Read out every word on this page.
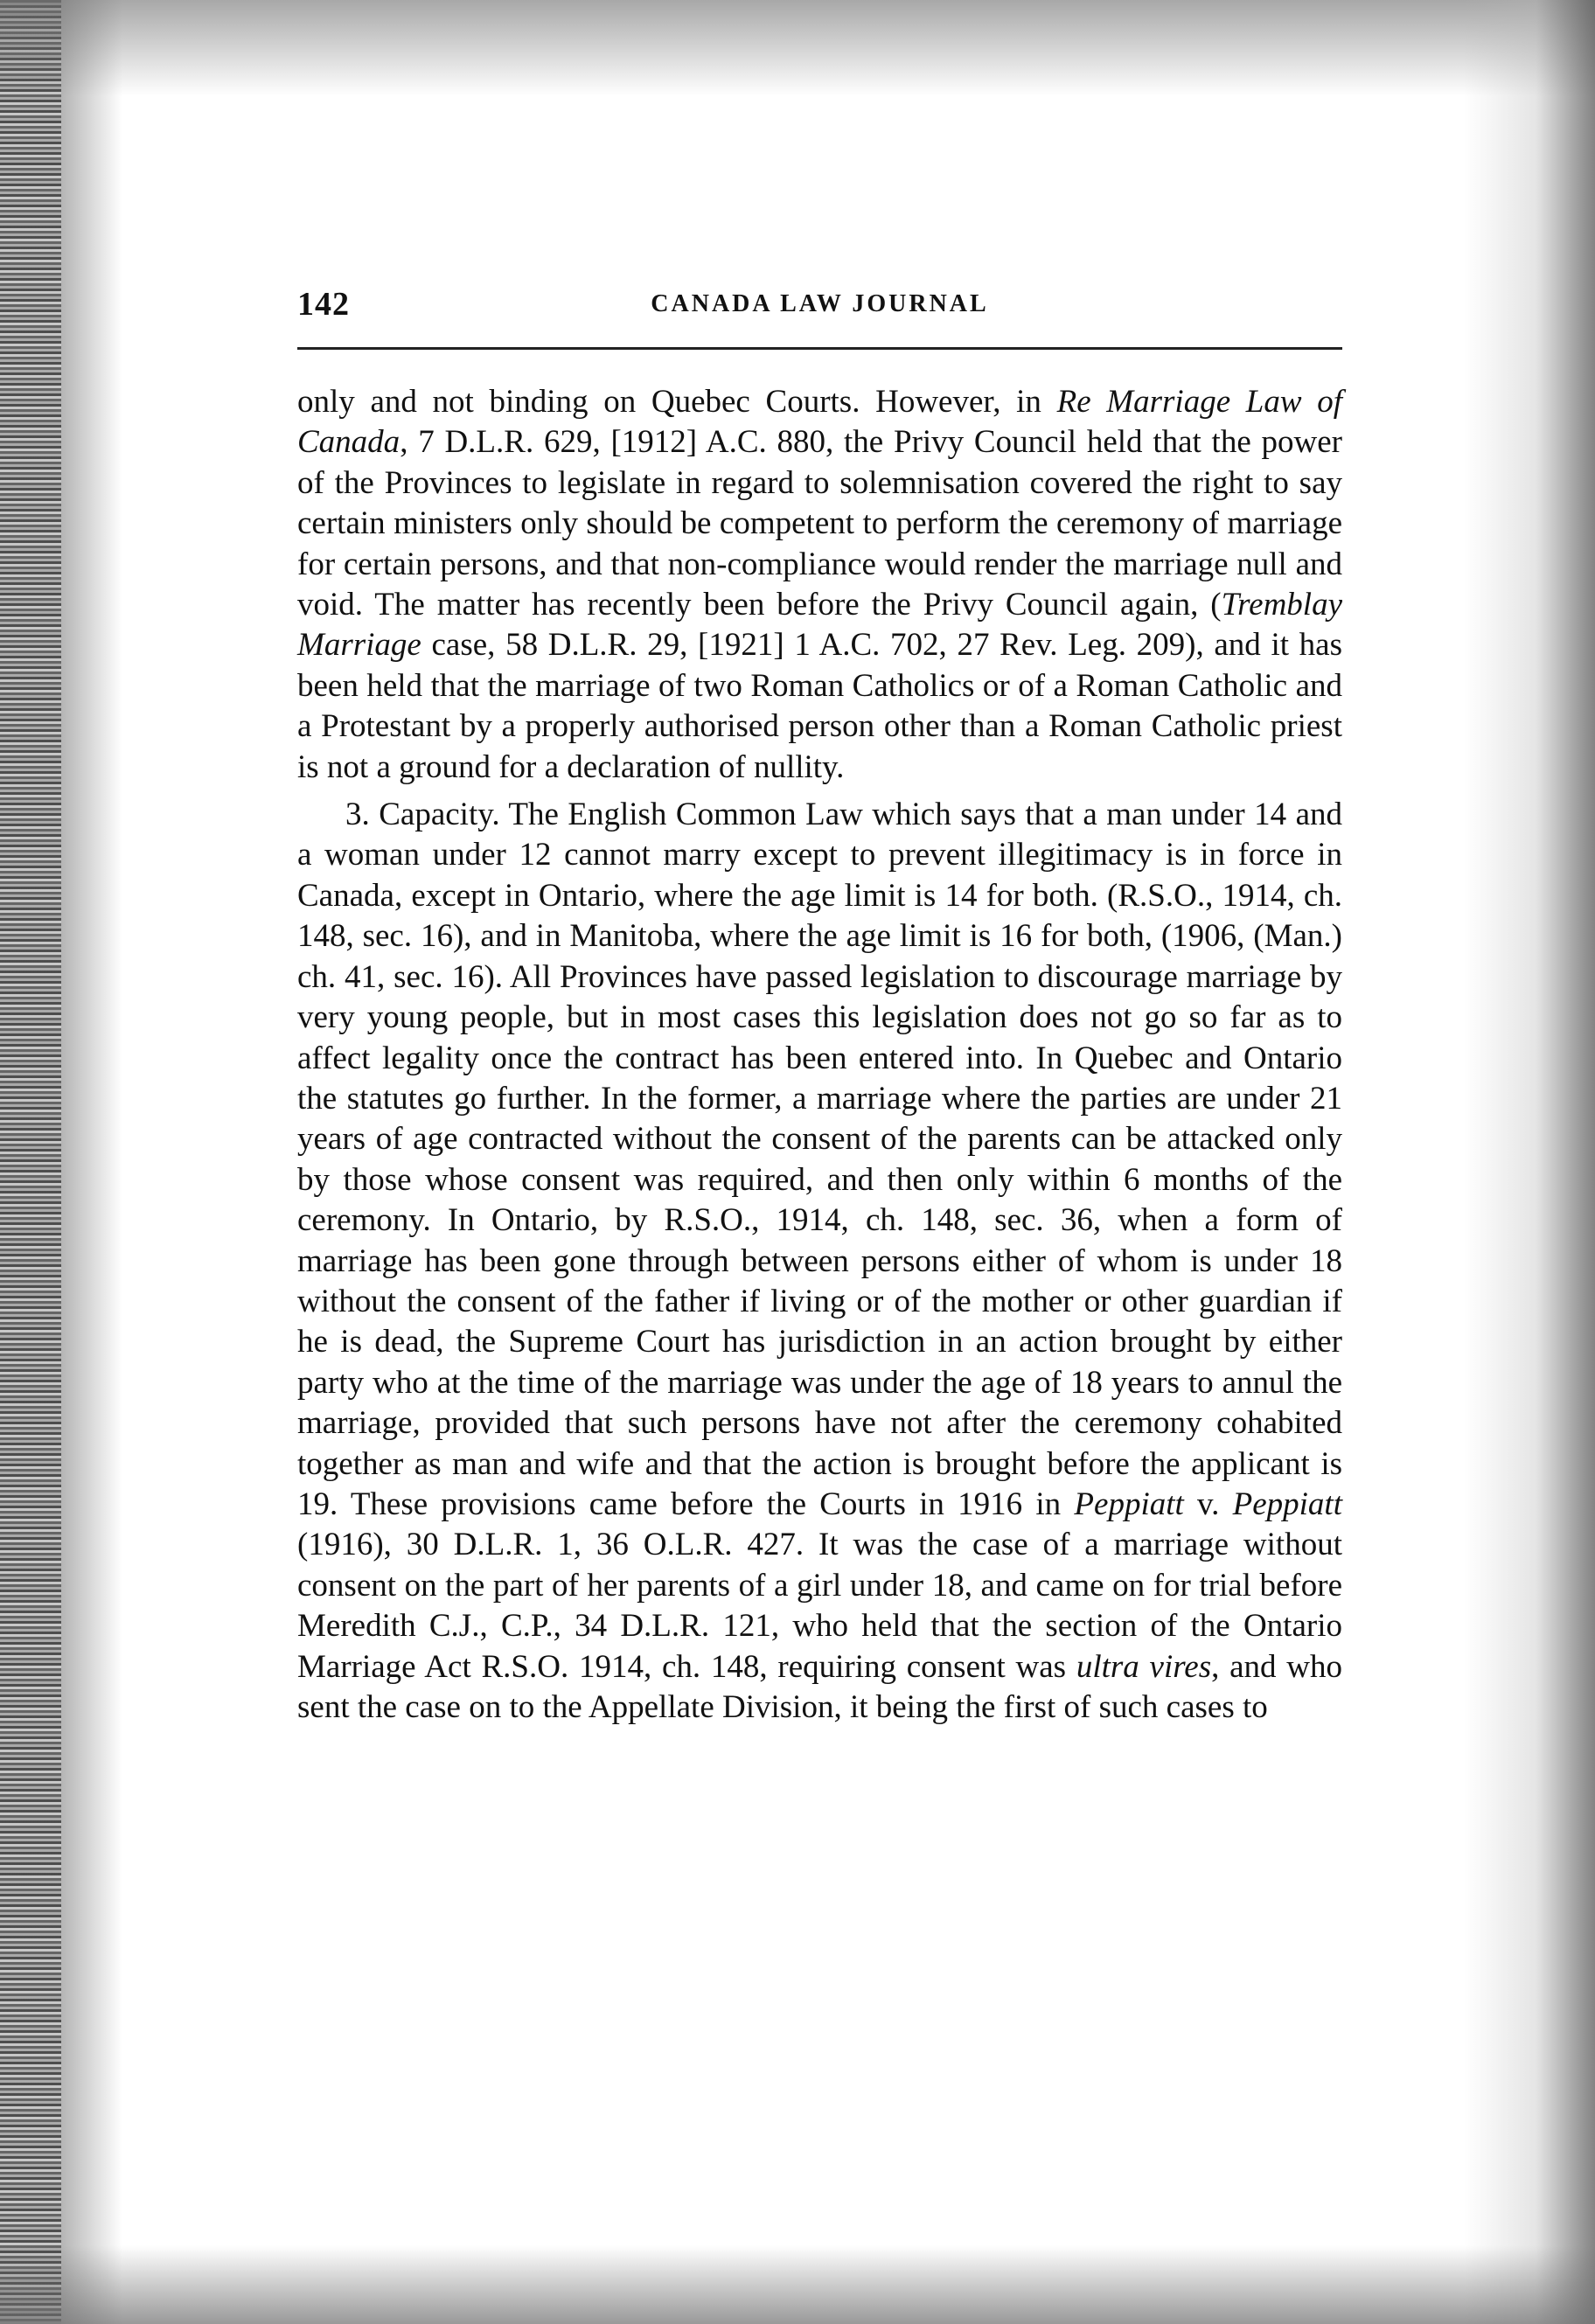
142	CANADA LAW JOURNAL

only and not binding on Quebec Courts. However, in Re Marriage Law of Canada, 7 D.L.R. 629, [1912] A.C. 880, the Privy Council held that the power of the Provinces to legislate in regard to solemnisation covered the right to say certain ministers only should be competent to perform the ceremony of marriage for certain persons, and that non-compliance would render the marriage null and void. The matter has recently been before the Privy Council again, (Tremblay Marriage case, 58 D.L.R. 29, [1921] 1 A.C. 702, 27 Rev. Leg. 209), and it has been held that the marriage of two Roman Catholics or of a Roman Catholic and a Protestant by a properly authorised person other than a Roman Catholic priest is not a ground for a declaration of nullity.

3. Capacity. The English Common Law which says that a man under 14 and a woman under 12 cannot marry except to prevent illegitimacy is in force in Canada, except in Ontario, where the age limit is 14 for both. (R.S.O., 1914, ch. 148, sec. 16), and in Manitoba, where the age limit is 16 for both, (1906, (Man.) ch. 41, sec. 16). All Provinces have passed legislation to discourage marriage by very young people, but in most cases this legislation does not go so far as to affect legality once the contract has been entered into. In Quebec and Ontario the statutes go further. In the former, a marriage where the parties are under 21 years of age contracted without the consent of the parents can be attacked only by those whose consent was required, and then only within 6 months of the ceremony. In Ontario, by R.S.O., 1914, ch. 148, sec. 36, when a form of marriage has been gone through between persons either of whom is under 18 without the consent of the father if living or of the mother or other guardian if he is dead, the Supreme Court has jurisdiction in an action brought by either party who at the time of the marriage was under the age of 18 years to annul the marriage, provided that such persons have not after the ceremony cohabited together as man and wife and that the action is brought before the applicant is 19. These provisions came before the Courts in 1916 in Peppiatt v. Peppiatt (1916), 30 D.L.R. 1, 36 O.L.R. 427. It was the case of a marriage without consent on the part of her parents of a girl under 18, and came on for trial before Meredith C.J., C.P., 34 D.L.R. 121, who held that the section of the Ontario Marriage Act R.S.O. 1914, ch. 148, requiring consent was ultra vires, and who sent the case on to the Appellate Division, it being the first of such cases to
